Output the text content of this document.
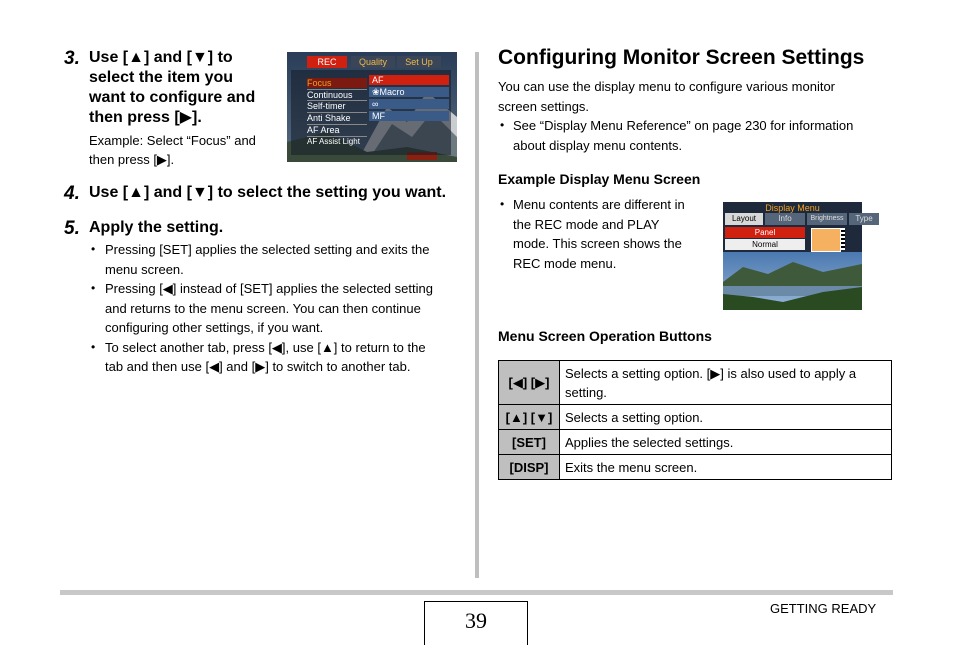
3. Use [▲] and [▼] to
select the item you
want to configure and
then press [▶].
Example: Select “Focus” and
then press [▶].
REC	Quality	Set Up
Focus
Continuous
Self-timer
Anti Shake
AF Area
AF Assist Light
AF
❀Macro
∞
MF
4. Use [▲] and [▼] to select the setting you want.
5. Apply the setting.
• Pressing [SET] applies the selected setting and exits the
menu screen.
• Pressing [◀] instead of [SET] applies the selected setting
and returns to the menu screen. You can then continue
configuring other settings, if you want.
• To select another tab, press [◀], use [▲] to return to the
tab and then use [◀] and [▶] to switch to another tab.
Configuring Monitor Screen Settings
You can use the display menu to configure various monitor
screen settings.
• See “Display Menu Reference” on page 230 for information
about display menu contents.
Example Display Menu Screen
• Menu contents are different in
the REC mode and PLAY
mode. This screen shows the
REC mode menu.
Display Menu
Layout	Info	Brightness	Type
Panel
Normal
Menu Screen Operation Buttons
[◀] [▶]	Selects a setting option. [▶] is also used to apply a setting.
[▲] [▼]	Selects a setting option.
[SET]	Applies the selected settings.
[DISP]	Exits the menu screen.
39	GETTING READY
